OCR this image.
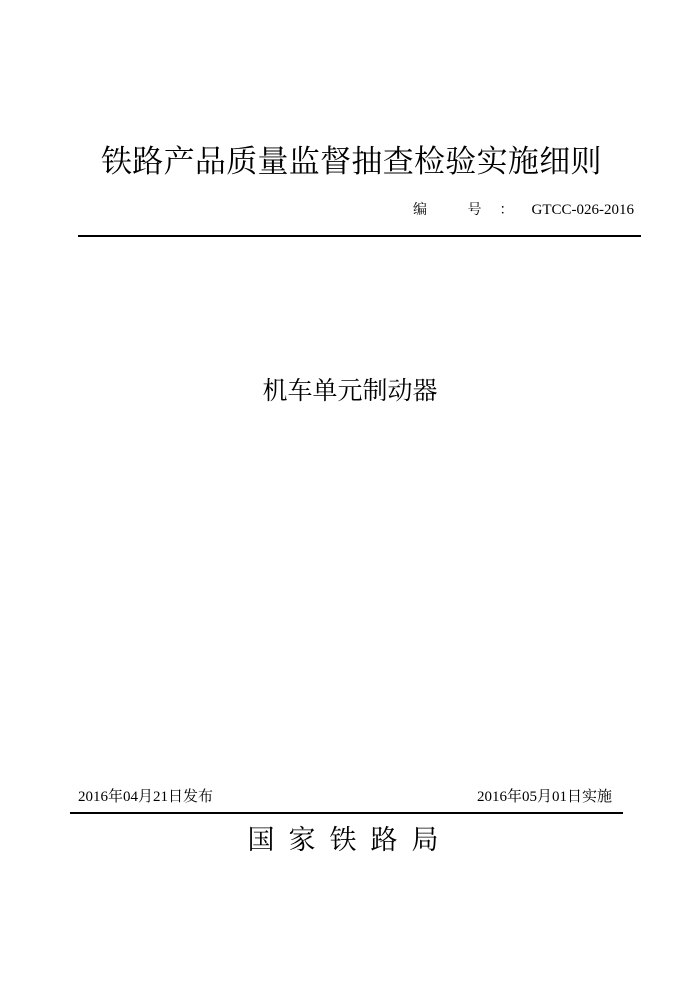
铁路产品质量监督抽查检验实施细则
编 号：GTCC-026-2016
机车单元制动器
2016年04月21日发布	2016年05月01日实施
国家铁路局
